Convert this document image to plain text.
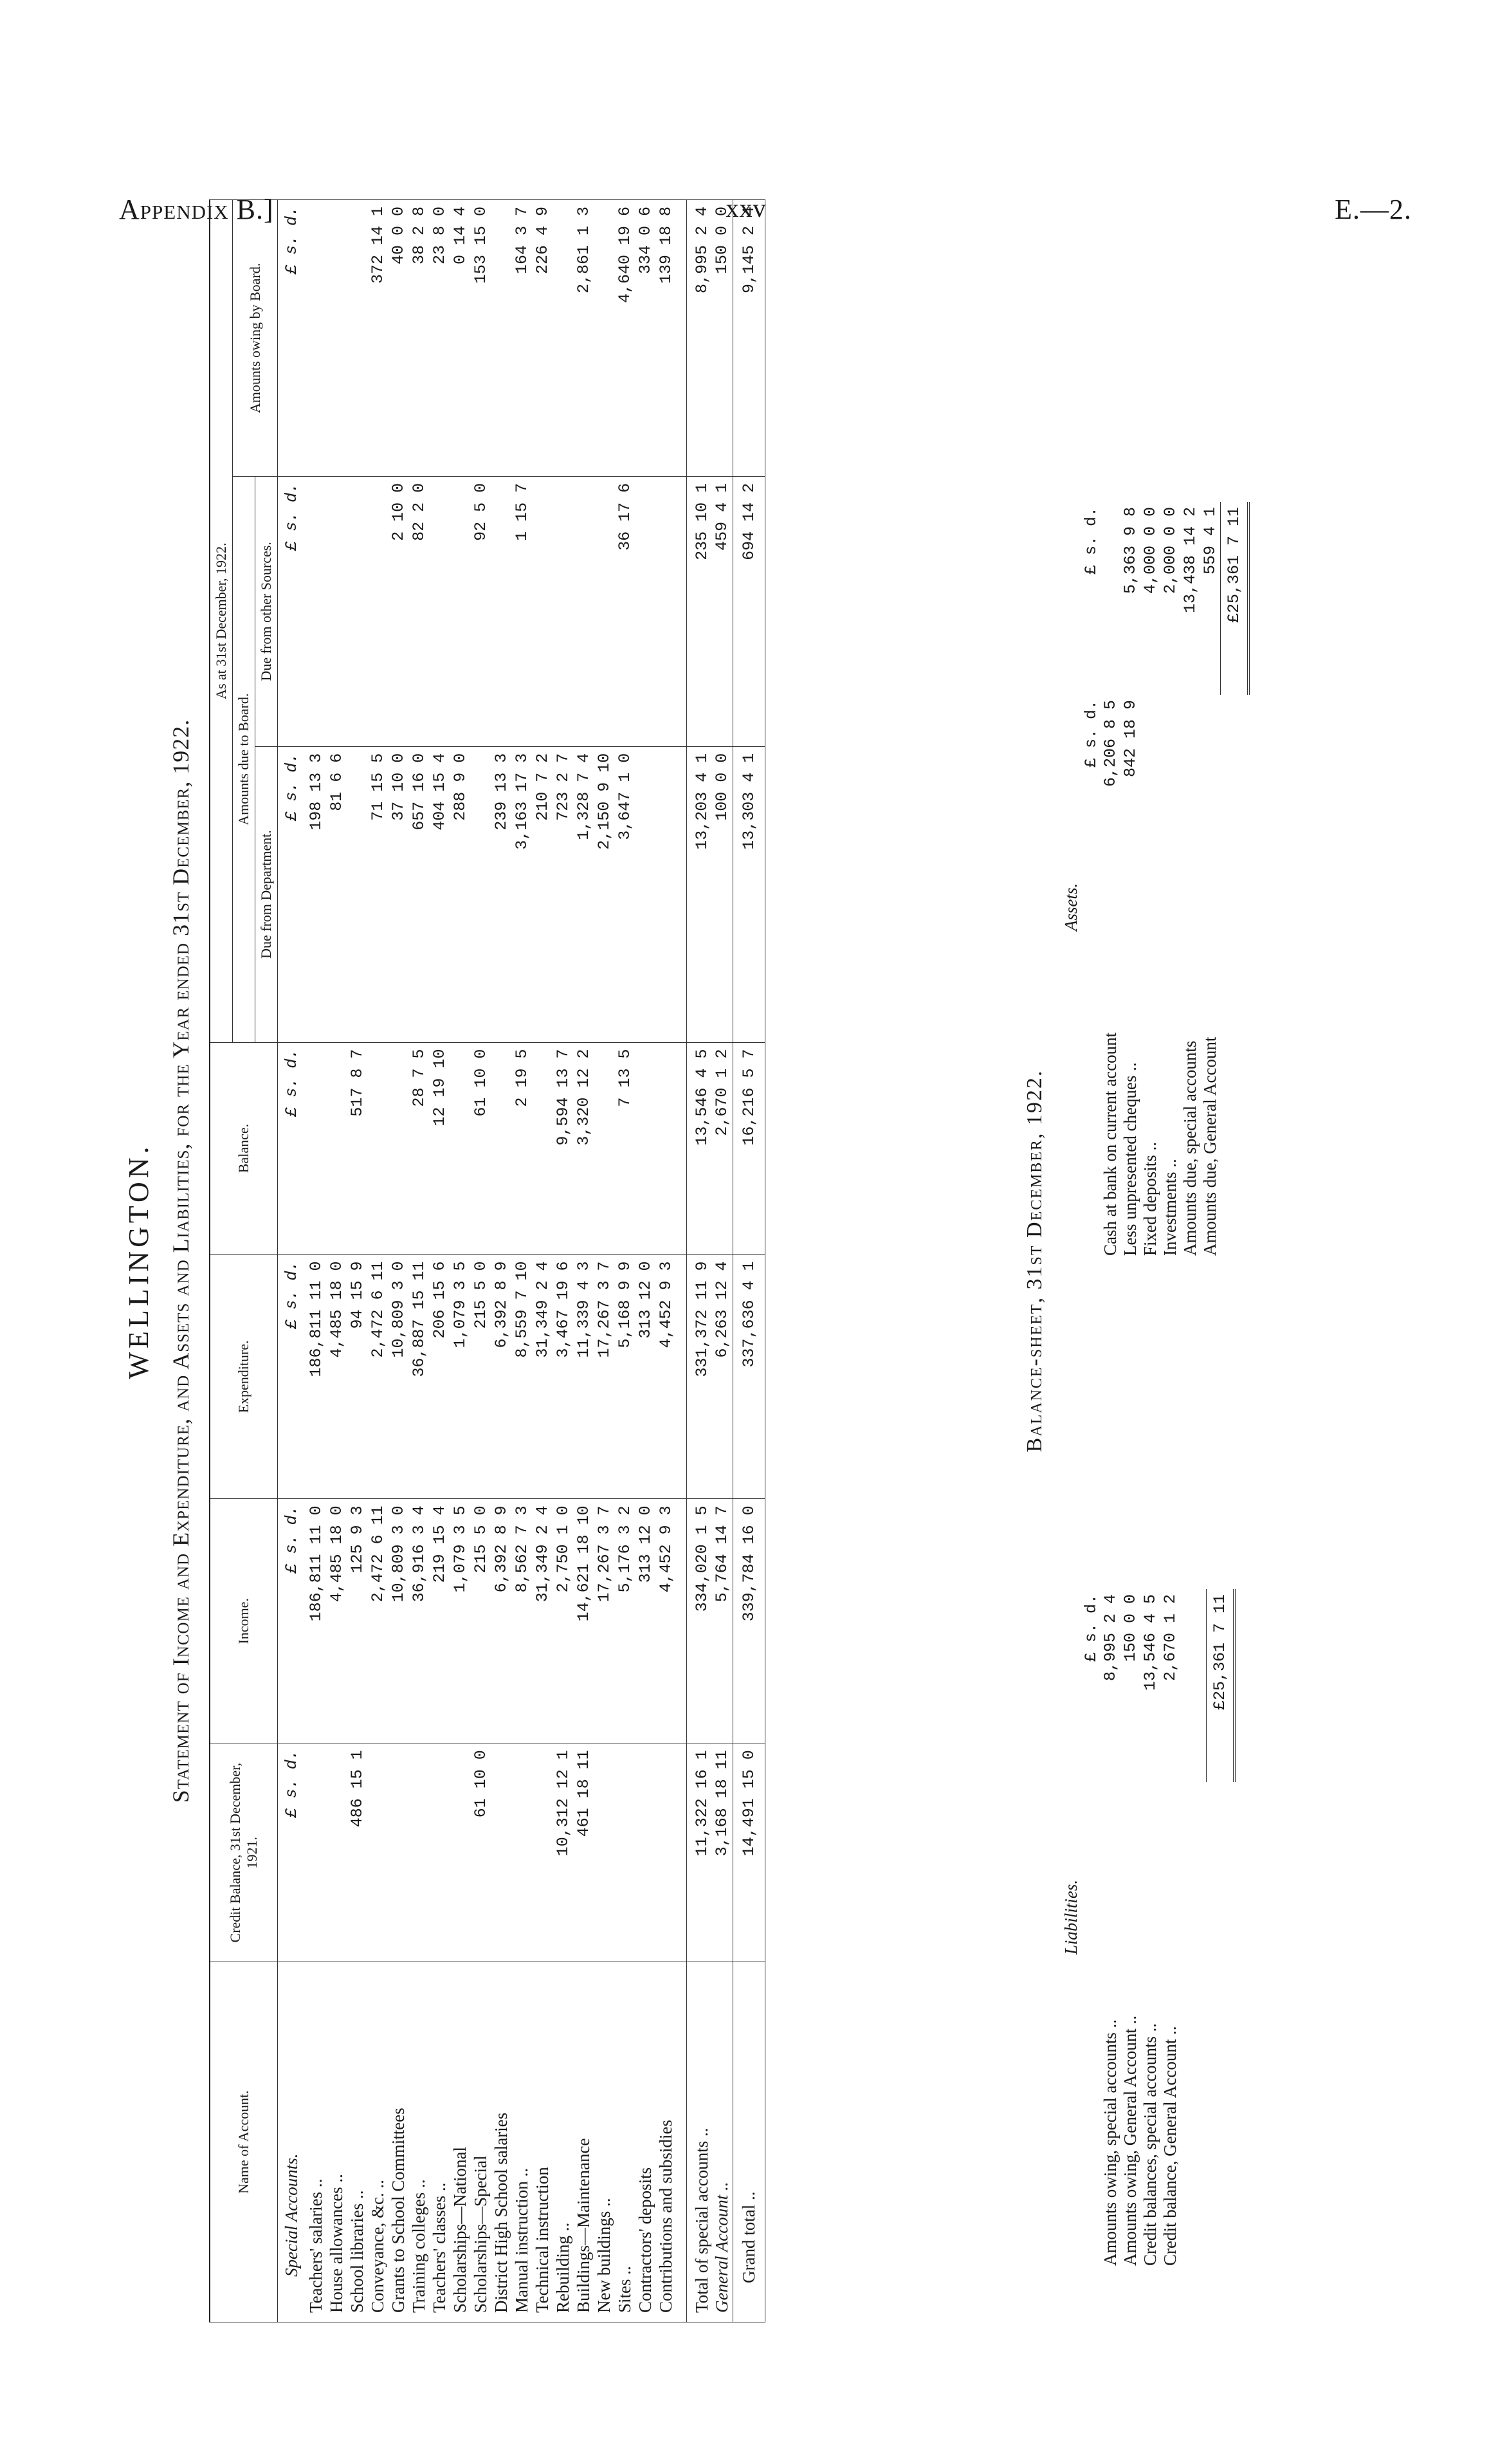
Appendix B.]	xxv	E.—2.
WELLINGTON. Statement of Income and Expenditure, and Assets and Liabilities, for the Year ended 31st December, 1922.
Name of Account.	Credit Balance, 31st December, 1921.	Income.	Expenditure.	Balance.	As at 31st December, 1922.		
					Amounts due to Board.		Amounts owing by Board.
					Due from Department.	Due from other Sources.	
Special Accounts.	£ s. d.	£ s. d.	£ s. d.	£ s. d.	£ s. d.	£ s. d.	£ s. d.
Teachers' salaries ..		186,811 11 0	186,811 11 0		198 13 3		
House allowances ..		4,485 18 0	4,485 18 0		81 6 6		
School libraries ..	486 15 1	125 9 3	94 15 9	517 8 7			
Conveyance, &c. ..		2,472 6 11	2,472 6 11		71 15 5		372 14 1
Grants to School Committees		10,809 3 0	10,809 3 0		37 10 0	2 10 0	40 0 0
Training colleges ..		36,916 3 4	36,887 15 11	28 7 5	657 16 0	82 2 0	38 2 8
Teachers' classes ..		219 15 4	206 15 6	12 19 10	404 15 4		23 8 0
Scholarships—National		1,079 3 5	1,079 3 5		288 9 0		0 14 4
Scholarships—Special	61 10 0	215 5 0	215 5 0	61 10 0		92 5 0	153 15 0
District High School salaries		6,392 8 9	6,392 8 9		239 13 3		
Manual instruction ..		8,562 7 3	8,559 7 10	2 19 5	3,163 17 3	1 15 7	164 3 7
Technical instruction		31,349 2 4	31,349 2 4		210 7 2		226 4 9
Rebuilding ..	10,312 12 1	2,750 1 0	3,467 19 6	9,594 13 7	723 2 7		
Buildings—Maintenance	461 18 11	14,621 18 10	11,339 4 3	3,320 12 2	1,328 7 4		2,861 1 3
New buildings ..		17,267 3 7	17,267 3 7		2,150 9 10		
Sites ..		5,176 3 2	5,168 9 9	7 13 5	3,647 1 0	36 17 6	4,640 19 6
Contractors' deposits		313 12 0	313 12 0				334 0 6
Contributions and subsidies		4,452 9 3	4,452 9 3				139 18 8

Total of special accounts ..	11,322 16 1	334,020 1 5	331,372 11 9	13,546 4 5	13,203 4 1	235 10 1	8,995 2 4
General Account ..	3,168 18 11	5,764 14 7	6,263 12 4	2,670 1 2	100 0 0	459 4 1	150 0 0
Grand total ..	14,491 15 0	339,784 16 0	337,636 4 1	16,216 5 7	13,303 4 1	694 14 2	9,145 2 4
Balance-sheet, 31st December, 1922.
Liabilities.
	£ s. d.
Amounts owing, special accounts ..	8,995 2 4
Amounts owing, General Account ..	150 0 0
Credit balances, special accounts ..	13,546 4 5
Credit balance, General Account ..	2,670 1 2

	£25,361 7 11
Assets.
	£ s. d.	£ s. d.
Cash at bank on current account	6,206 8 5	
Less unpresented cheques ..	842 18 9	5,363 9 8
Fixed deposits ..		4,000 0 0
Investments ..		2,000 0 0
Amounts due, special accounts		13,438 14 2
Amounts due, General Account		559 4 1
		£25,361 7 11
